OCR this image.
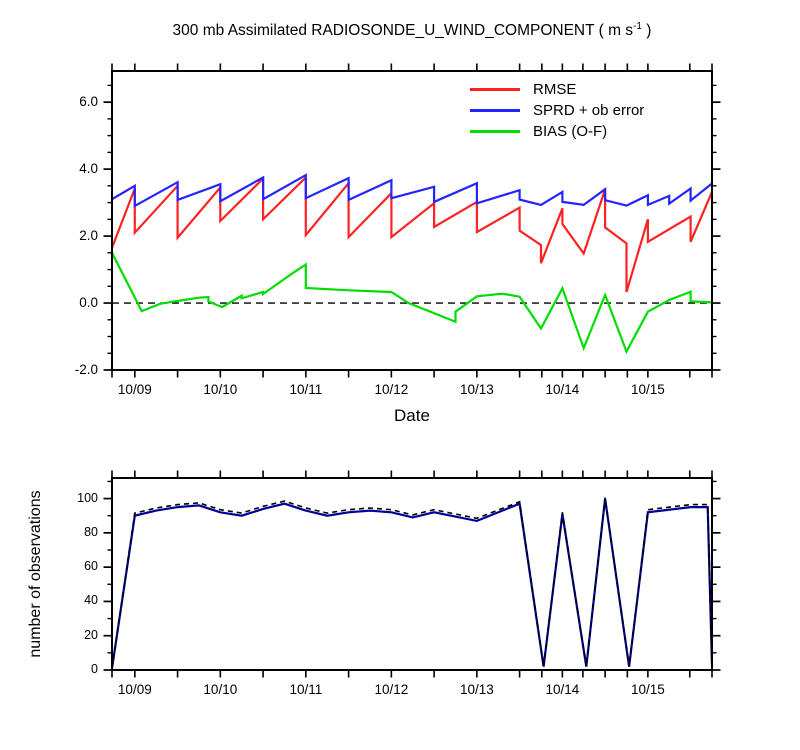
300 mb Assimilated RADIOSONDE_U_WIND_COMPONENT ( m $s^{-1}$ )
RMSE
SPRD + ob error
BIAS (O-F)
Date
number of observations
-2.0
0.0
2.0
4.0
6.0
10/09	10/10	10/11	10/12	10/13	10/14	10/15
0
20
40
60
80
100
10/09	10/10	10/11	10/12	10/13	10/14	10/15
